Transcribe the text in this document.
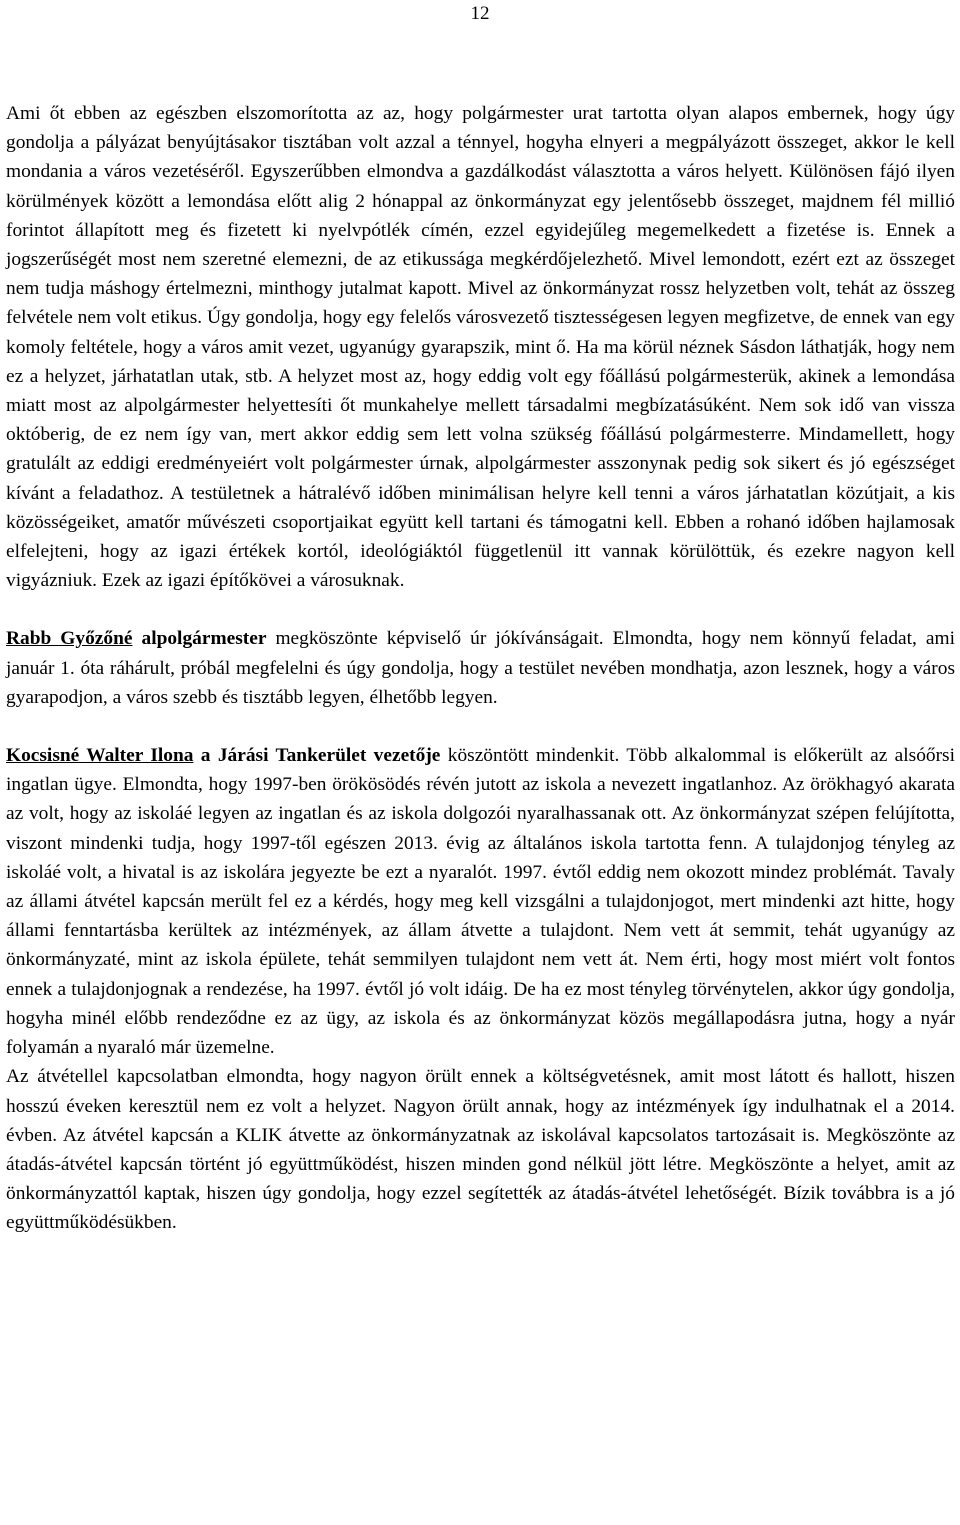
12

Ami őt ebben az egészben elszomorította az az, hogy polgármester urat tartotta olyan alapos embernek, hogy úgy gondolja a pályázat benyújtásakor tisztában volt azzal a ténnyel, hogyha elnyeri a megpályázott összeget, akkor le kell mondania a város vezetéséről. Egyszerűbben elmondva a gazdálkodást választotta a város helyett. Különösen fájó ilyen körülmények között a lemondása előtt alig 2 hónappal az önkormányzat egy jelentősebb összeget, majdnem fél millió forintot állapított meg és fizetett ki nyelvpótlék címén, ezzel egyidejűleg megemelkedett a fizetése is. Ennek a jogszerűségét most nem szeretné elemezni, de az etikussága megkérdőjelezhető. Mivel lemondott, ezért ezt az összeget nem tudja máshogy értelmezni, minthogy jutalmat kapott. Mivel az önkormányzat rossz helyzetben volt, tehát az összeg felvétele nem volt etikus. Úgy gondolja, hogy egy felelős városvezető tisztességesen legyen megfizetve, de ennek van egy komoly feltétele, hogy a város amit vezet, ugyanúgy gyarapszik, mint ő. Ha ma körül néznek Sásdon láthatják, hogy nem ez a helyzet, járhatatlan utak, stb. A helyzet most az, hogy eddig volt egy főállású polgármesterük, akinek a lemondása miatt most az alpolgármester helyettesíti őt munkahelye mellett társadalmi megbízatásúként. Nem sok idő van vissza októberig, de ez nem így van, mert akkor eddig sem lett volna szükség főállású polgármesterre. Mindamellett, hogy gratulált az eddigi eredményeiért volt polgármester úrnak, alpolgármester asszonynak pedig sok sikert és jó egészséget kívánt a feladathoz. A testületnek a hátralévő időben minimálisan helyre kell tenni a város járhatatlan közútjait, a kis közösségeiket, amatőr művészeti csoportjaikat együtt kell tartani és támogatni kell. Ebben a rohanó időben hajlamosak elfelejteni, hogy az igazi értékek kortól, ideológiáktól függetlenül itt vannak körülöttük, és ezekre nagyon kell vigyázniuk. Ezek az igazi építőkövei a városuknak.

Rabb Győzőné alpolgármester megköszönte képviselő úr jókívánságait. Elmondta, hogy nem könnyű feladat, ami január 1. óta ráhárult, próbál megfelelni és úgy gondolja, hogy a testület nevében mondhatja, azon lesznek, hogy a város gyarapodjon, a város szebb és tisztább legyen, élhetőbb legyen.

Kocsisné Walter Ilona a Járási Tankerület vezetője köszöntött mindenkit. Több alkalommal is előkerült az alsóőrsi ingatlan ügye. Elmondta, hogy 1997-ben örökösödés révén jutott az iskola a nevezett ingatlanhoz. Az örökhagyó akarata az volt, hogy az iskoláé legyen az ingatlan és az iskola dolgozói nyaralhassanak ott. Az önkormányzat szépen felújította, viszont mindenki tudja, hogy 1997-től egészen 2013. évig az általános iskola tartotta fenn. A tulajdonjog tényleg az iskoláé volt, a hivatal is az iskolára jegyezte be ezt a nyaralót. 1997. évtől eddig nem okozott mindez problémát. Tavaly az állami átvétel kapcsán merült fel ez a kérdés, hogy meg kell vizsgálni a tulajdonjogot, mert mindenki azt hitte, hogy állami fenntartásba kerültek az intézmények, az állam átvette a tulajdont. Nem vett át semmit, tehát ugyanúgy az önkormányzaté, mint az iskola épülete, tehát semmilyen tulajdont nem vett át. Nem érti, hogy most miért volt fontos ennek a tulajdonjognak a rendezése, ha 1997. évtől jó volt idáig. De ha ez most tényleg törvénytelen, akkor úgy gondolja, hogyha minél előbb rendeződne ez az ügy, az iskola és az önkormányzat közös megállapodásra jutna, hogy a nyár folyamán a nyaraló már üzemelne.

Az átvétellel kapcsolatban elmondta, hogy nagyon örült ennek a költségvetésnek, amit most látott és hallott, hiszen hosszú éveken keresztül nem ez volt a helyzet. Nagyon örült annak, hogy az intézmények így indulhatnak el a 2014. évben. Az átvétel kapcsán a KLIK átvette az önkormányzatnak az iskolával kapcsolatos tartozásait is. Megköszönte az átadás-átvétel kapcsán történt jó együttműködést, hiszen minden gond nélkül jött létre. Megköszönte a helyet, amit az önkormányzattól kaptak, hiszen úgy gondolja, hogy ezzel segítették az átadás-átvétel lehetőségét. Bízik továbbra is a jó együttműködésükben.
